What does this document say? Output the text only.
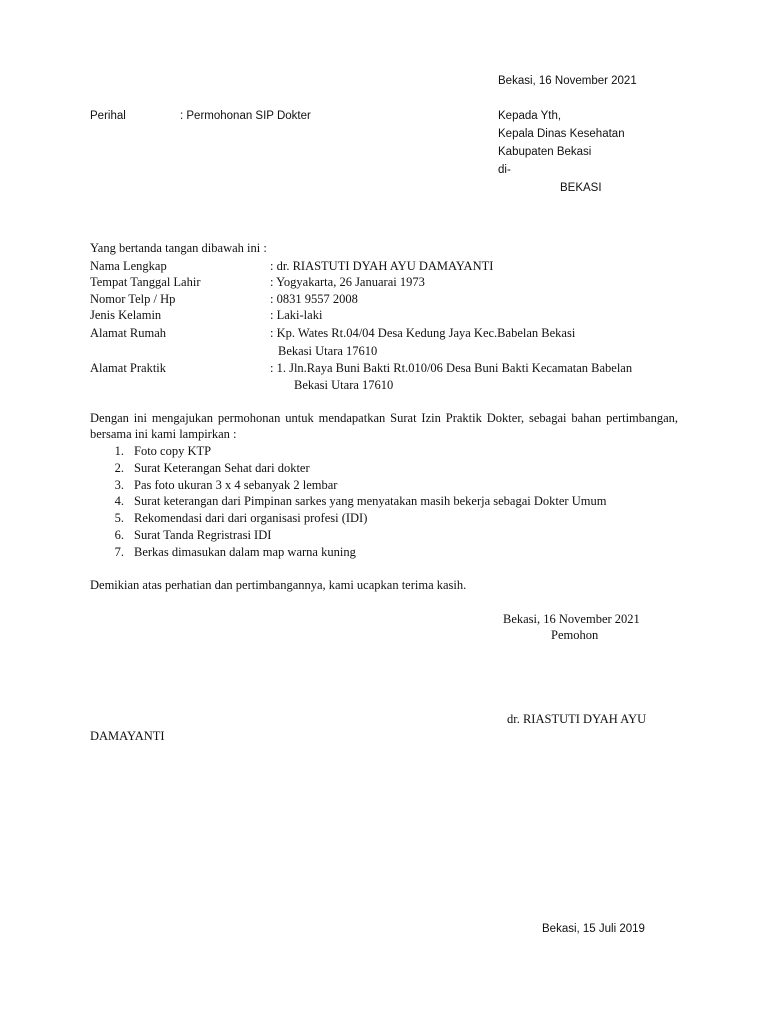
Bekasi, 16 November 2021
Perihal	: Permohonan SIP Dokter	Kepada Yth,
Kepala Dinas Kesehatan
Kabupaten Bekasi
di-
BEKASI
Yang bertanda tangan dibawah ini :
Nama Lengkap	: dr. RIASTUTI DYAH AYU DAMAYANTI
Tempat Tanggal Lahir	: Yogyakarta, 26 Januarai 1973
Nomor Telp / Hp	: 0831 9557 2008
Jenis Kelamin	: Laki-laki
Alamat Rumah	: Kp. Wates Rt.04/04 Desa Kedung Jaya Kec.Babelan Bekasi
Bekasi Utara 17610
Alamat Praktik	: 1. Jln.Raya Buni Bakti Rt.010/06 Desa Buni Bakti Kecamatan Babelan
Bekasi Utara 17610
Dengan ini mengajukan permohonan untuk mendapatkan Surat Izin Praktik Dokter, sebagai bahan pertimbangan, bersama ini kami lampirkan :
1. Foto copy KTP
2. Surat Keterangan Sehat dari dokter
3. Pas foto ukuran 3 x 4 sebanyak 2 lembar
4. Surat keterangan dari Pimpinan sarkes yang menyatakan masih bekerja sebagai Dokter Umum
5. Rekomendasi dari dari organisasi profesi (IDI)
6. Surat Tanda Regristrasi IDI
7. Berkas dimasukan dalam map warna kuning
Demikian atas perhatian dan pertimbangannya, kami ucapkan terima kasih.
Bekasi, 16 November 2021
Pemohon
dr. RIASTUTI DYAH AYU
DAMAYANTI
Bekasi, 15 Juli 2019
